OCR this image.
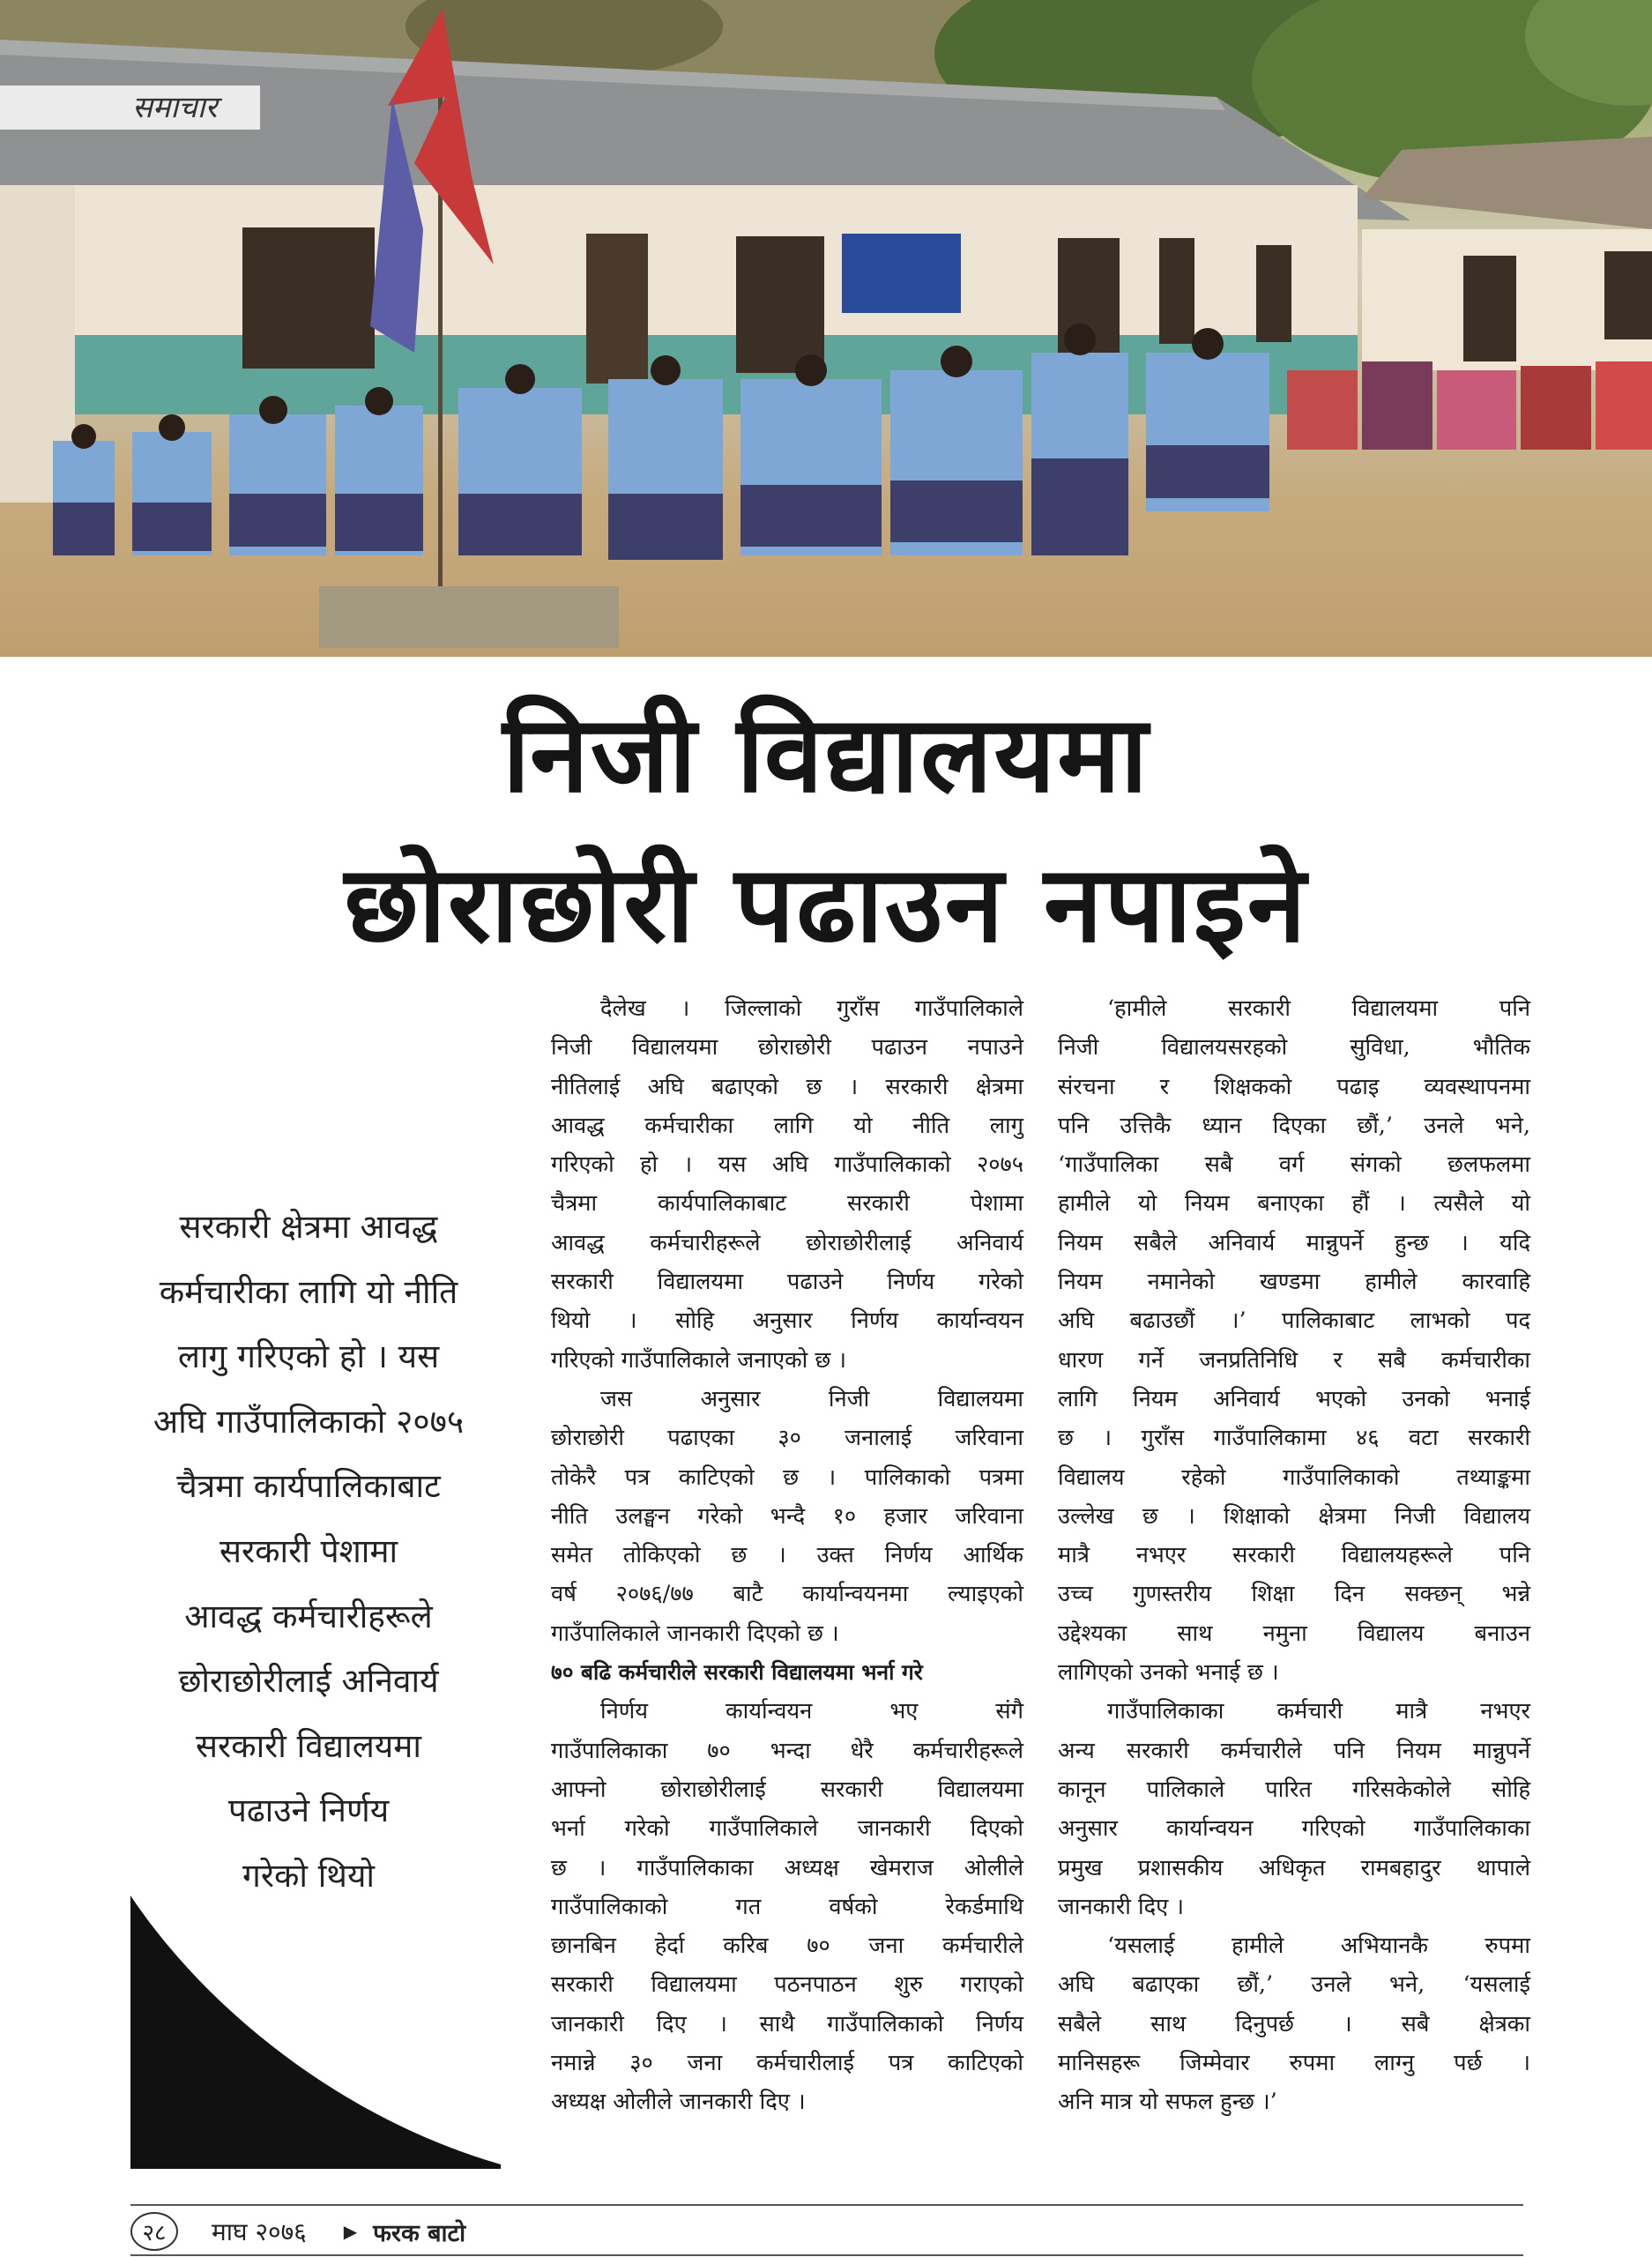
समाचार
निजी विद्यालयमा
छोराछोरी पढाउन नपाइने
सरकारी क्षेत्रमा आवद्ध
कर्मचारीका लागि यो नीति
लागु गरिएको हो । यस
अघि गाउँपालिकाको २०७५
चैत्रमा कार्यपालिकाबाट
सरकारी पेशामा
आवद्ध कर्मचारीहरूले
छोराछोरीलाई अनिवार्य
सरकारी विद्यालयमा
पढाउने निर्णय
गरेको थियो
दैलेख । जिल्लाको गुराँस गाउँपालिकाले
निजी विद्यालयमा छोराछोरी पढाउन नपाउने
नीतिलाई अघि बढाएको छ । सरकारी क्षेत्रमा
आवद्ध कर्मचारीका लागि यो नीति लागु
गरिएको हो । यस अघि गाउँपालिकाको २०७५
चैत्रमा कार्यपालिकाबाट सरकारी पेशामा
आवद्ध कर्मचारीहरूले छोराछोरीलाई अनिवार्य
सरकारी विद्यालयमा पढाउने निर्णय गरेको
थियो । सोहि अनुसार निर्णय कार्यान्वयन
गरिएको गाउँपालिकाले जनाएको छ ।
जस अनुसार निजी विद्यालयमा
छोराछोरी पढाएका ३० जनालाई जरिवाना
तोकेरै पत्र काटिएको छ । पालिकाको पत्रमा
नीति उलङ्घन गरेको भन्दै १० हजार जरिवाना
समेत तोकिएको छ । उक्त निर्णय आर्थिक
वर्ष २०७६/७७ बाटै कार्यान्वयनमा ल्याइएको
गाउँपालिकाले जानकारी दिएको छ ।
७० बढि कर्मचारीले सरकारी विद्यालयमा भर्ना गरे
निर्णय कार्यान्वयन भए संगै
गाउँपालिकाका ७० भन्दा धेरै कर्मचारीहरूले
आफ्नो छोराछोरीलाई सरकारी विद्यालयमा
भर्ना गरेको गाउँपालिकाले जानकारी दिएको
छ । गाउँपालिकाका अध्यक्ष खेमराज ओलीले
गाउँपालिकाको गत वर्षको रेकर्डमाथि
छानबिन हेर्दा करिब ७० जना कर्मचारीले
सरकारी विद्यालयमा पठनपाठन शुरु गराएको
जानकारी दिए । साथै गाउँपालिकाको निर्णय
नमान्ने ३० जना कर्मचारीलाई पत्र काटिएको
अध्यक्ष ओलीले जानकारी दिए ।
‘हामीले सरकारी विद्यालयमा पनि
निजी विद्यालयसरहको सुविधा, भौतिक
संरचना र शिक्षकको पढाइ व्यवस्थापनमा
पनि उत्तिकै ध्यान दिएका छौं,’ उनले भने,
‘गाउँपालिका सबै वर्ग संगको छलफलमा
हामीले यो नियम बनाएका हौं । त्यसैले यो
नियम सबैले अनिवार्य मान्नुपर्ने हुन्छ । यदि
नियम नमानेको खण्डमा हामीले कारवाहि
अघि बढाउछौं ।’ पालिकाबाट लाभको पद
धारण गर्ने जनप्रतिनिधि र सबै कर्मचारीका
लागि नियम अनिवार्य भएको उनको भनाई
छ । गुराँस गाउँपालिकामा ४६ वटा सरकारी
विद्यालय रहेको गाउँपालिकाको तथ्याङ्कमा
उल्लेख छ । शिक्षाको क्षेत्रमा निजी विद्यालय
मात्रै नभएर सरकारी विद्यालयहरूले पनि
उच्च गुणस्तरीय शिक्षा दिन सक्छन् भन्ने
उद्देश्यका साथ नमुना विद्यालय बनाउन
लागिएको उनको भनाई छ ।
गाउँपालिकाका कर्मचारी मात्रै नभएर
अन्य सरकारी कर्मचारीले पनि नियम मान्नुपर्ने
कानून पालिकाले पारित गरिसकेकोले सोहि
अनुसार कार्यान्वयन गरिएको गाउँपालिकाका
प्रमुख प्रशासकीय अधिकृत रामबहादुर थापाले
जानकारी दिए ।
‘यसलाई हामीले अभियानकै रुपमा
अघि बढाएका छौं,’ उनले भने, ‘यसलाई
सबैले साथ दिनुपर्छ । सबै क्षेत्रका
मानिसहरू जिम्मेवार रुपमा लाग्नु पर्छ ।
अनि मात्र यो सफल हुन्छ ।’
२८	माघ २०७६ ▶ फरक बाटो
